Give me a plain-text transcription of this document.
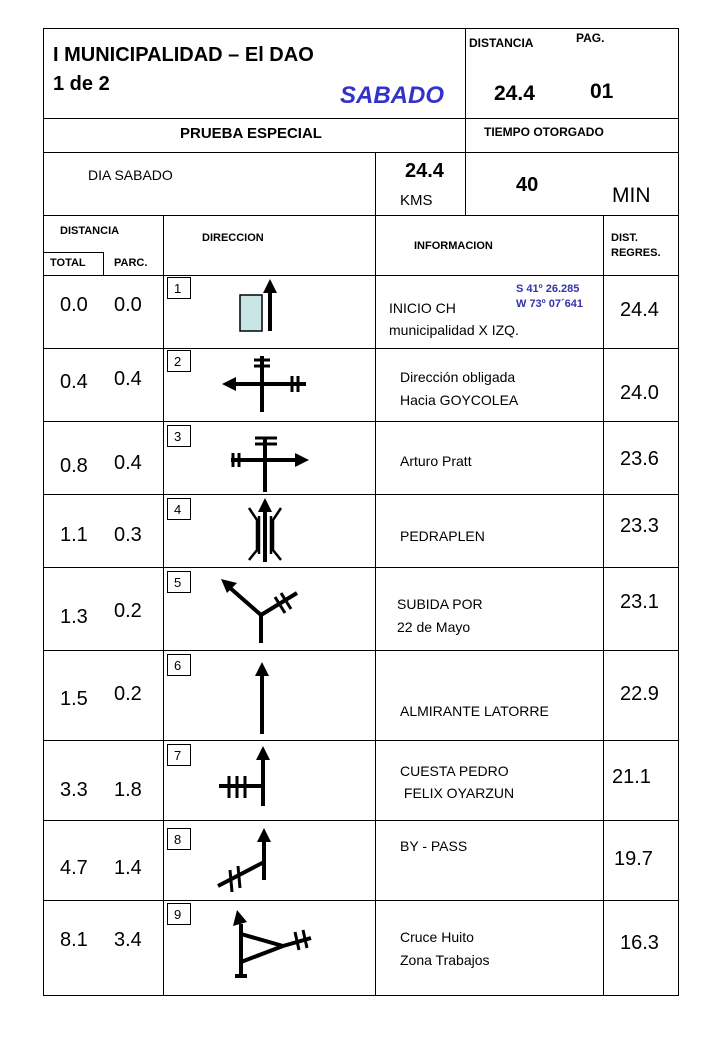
I MUNICIPALIDAD – El DAO
1 de 2	SABADO
DISTANCIA
24.4
PAG.
01
PRUEBA ESPECIAL	TIEMPO OTORGADO
DIA SABADO	24.4
KMS
40	MIN
DISTANCIA
TOTAL	PARC.
DIRECCION
INFORMACION
DIST.
REGRES.
S 41º 26.285
W 73º 07´641
1
0.0 0.0	INICIO CH
municipalidad X IZQ.
24.4
2
0.4 0.4	Dirección obligada
Hacia GOYCOLEA	24.0
3
0.8 0.4	Arturo Pratt	23.6
4
1.1 0.3	PEDRAPLEN	23.3
5
1.3 0.2	SUBIDA POR
22 de Mayo
23.1
6
1.5 0.2
ALMIRANTE LATORRE
22.9
7
3.3 1.8
CUESTA PEDRO
FELIX OYARZUN
21.1
8
4.7 1.4
BY - PASS
19.7
9
8.1 3.4	Cruce Huito
Zona Trabajos
16.3
